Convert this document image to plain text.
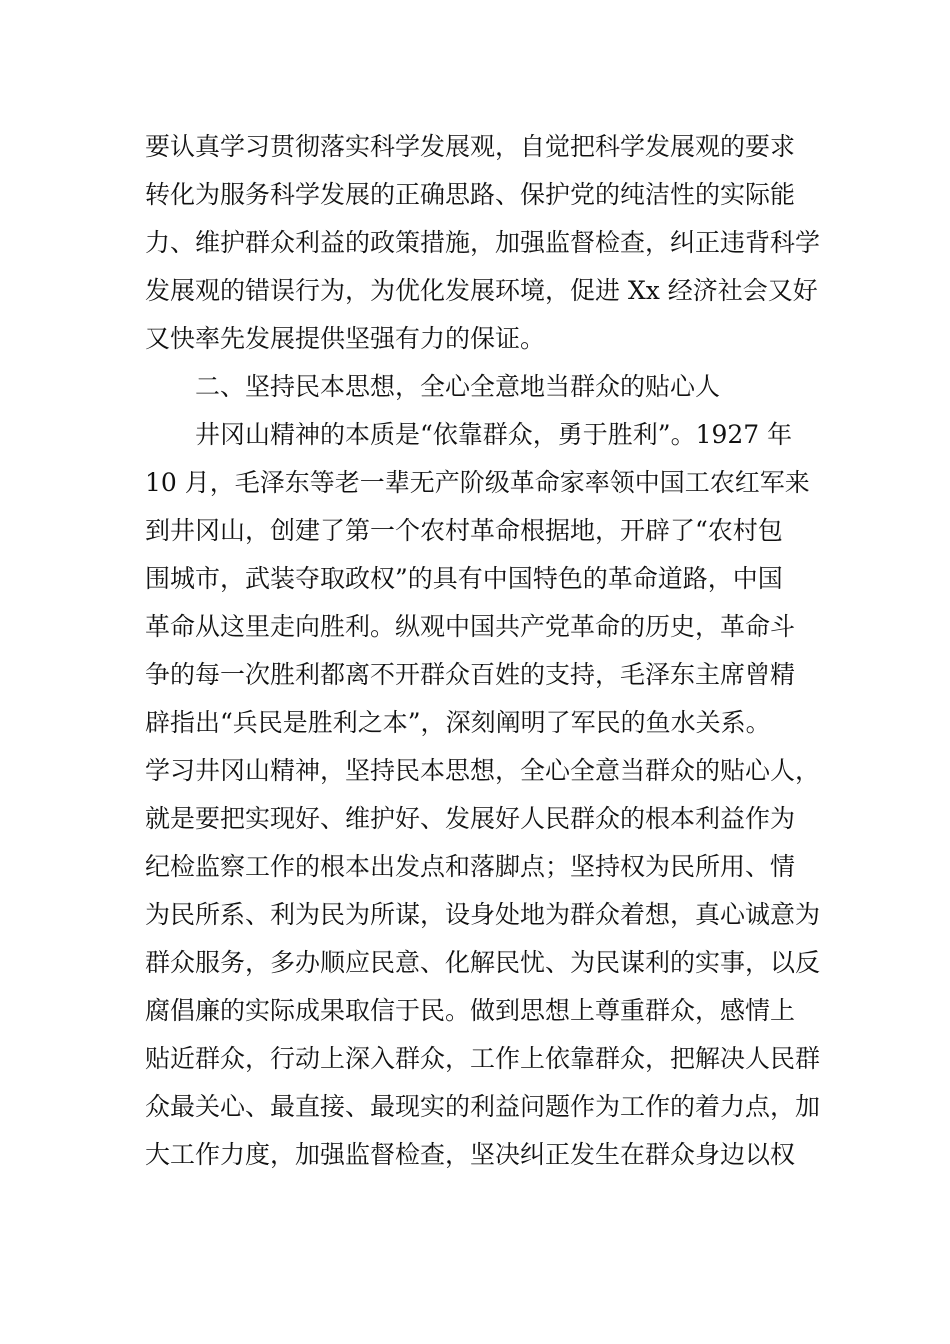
要认真学习贯彻落实科学发展观，自觉把科学发展观的要求
转化为服务科学发展的正确思路、保护党的纯洁性的实际能
力、维护群众利益的政策措施，加强监督检查，纠正违背科学
发展观的错误行为，为优化发展环境，促进 Xx 经济社会又好
又快率先发展提供坚强有力的保证。
二、坚持民本思想，全心全意地当群众的贴心人
井冈山精神的本质是“依靠群众，勇于胜利”。1927 年
10 月，毛泽东等老一辈无产阶级革命家率领中国工农红军来
到井冈山，创建了第一个农村革命根据地，开辟了“农村包
围城市，武装夺取政权”的具有中国特色的革命道路，中国
革命从这里走向胜利。纵观中国共产党革命的历史，革命斗
争的每一次胜利都离不开群众百姓的支持，毛泽东主席曾精
辟指出“兵民是胜利之本”，深刻阐明了军民的鱼水关系。
学习井冈山精神，坚持民本思想，全心全意当群众的贴心人，
就是要把实现好、维护好、发展好人民群众的根本利益作为
纪检监察工作的根本出发点和落脚点；坚持权为民所用、情
为民所系、利为民为所谋，设身处地为群众着想，真心诚意为
群众服务，多办顺应民意、化解民忧、为民谋利的实事，以反
腐倡廉的实际成果取信于民。做到思想上尊重群众，感情上
贴近群众，行动上深入群众，工作上依靠群众，把解决人民群
众最关心、最直接、最现实的利益问题作为工作的着力点，加
大工作力度，加强监督检查，坚决纠正发生在群众身边以权
